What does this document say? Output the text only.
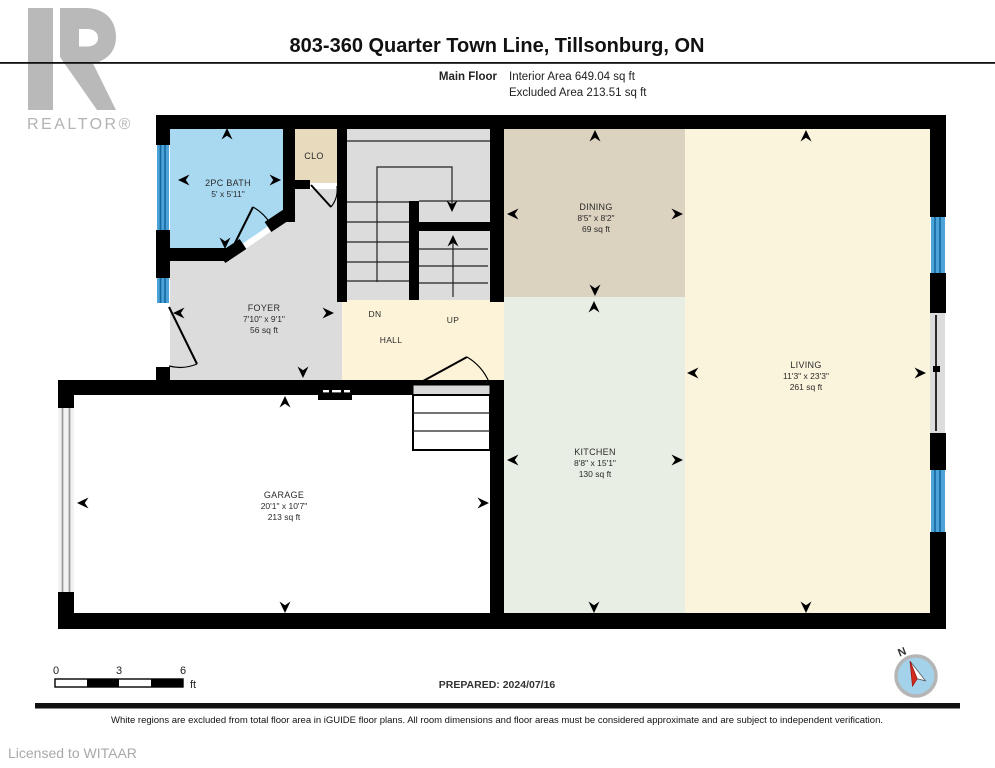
REALTOR®
803-360 Quarter Town Line, Tillsonburg, ON
Main Floor Interior Area 649.04 sq ft
Excluded Area 213.51 sq ft
2PC BATH
5' x 5'11"
CLO
FOYER
7'10" x 9'1"
56 sq ft
DN
UP
HALL
DINING
8'5" x 8'2"
69 sq ft
KITCHEN
8'8" x 15'1"
130 sq ft
LIVING
11'3" x 23'3"
261 sq ft
GARAGE
20'1" x 10'7"
213 sq ft
0	3	6
ft	PREPARED: 2024/07/16
N
White regions are excluded from total floor area in iGUIDE floor plans. All room dimensions and floor areas must be considered approximate and are subject to independent verification.
Licensed to WITAAR
